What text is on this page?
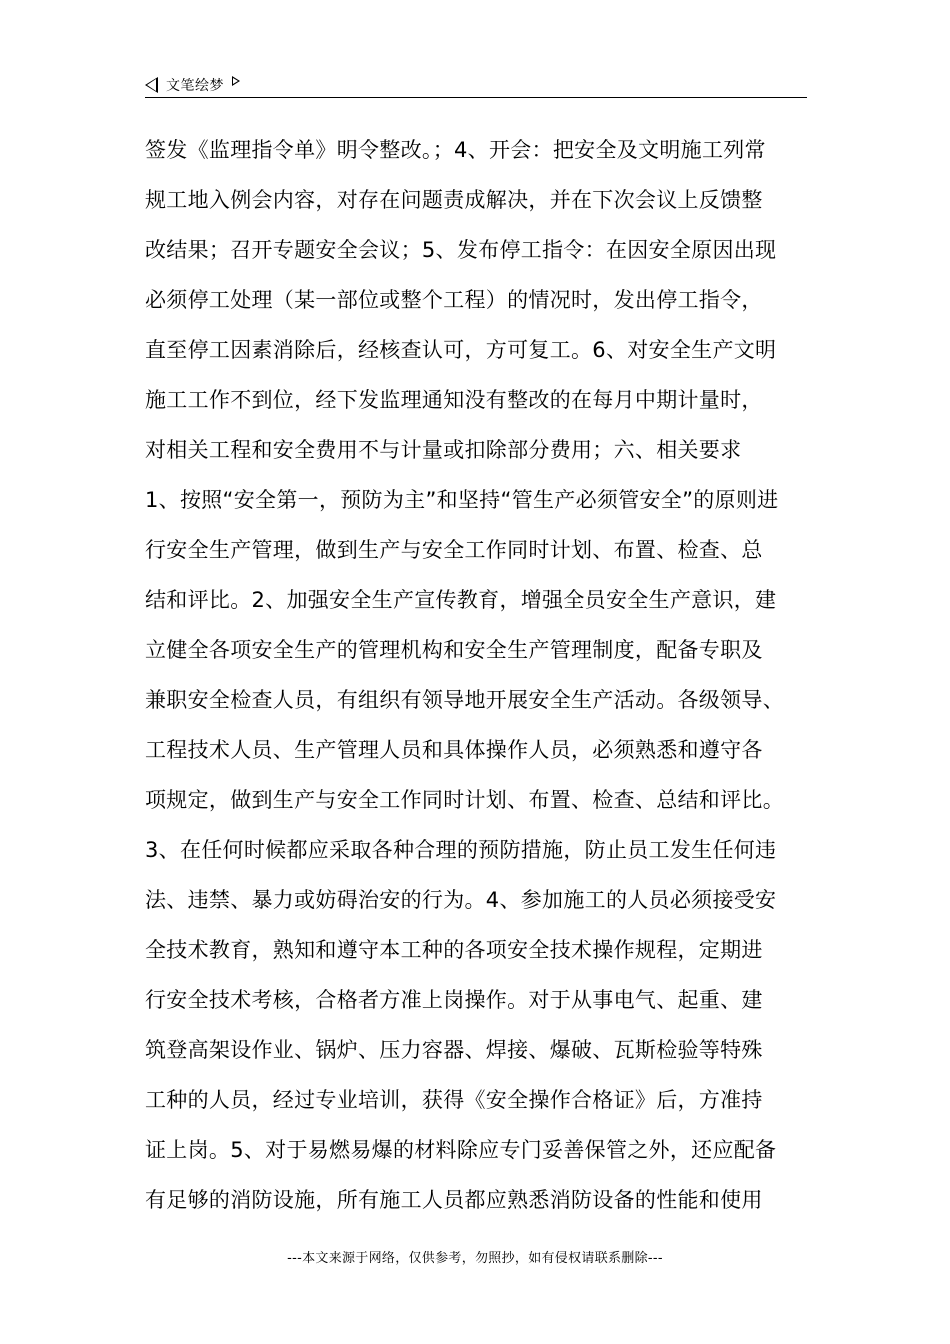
文笔绘梦
签发《监理指令单》明令整改。；4、开会：把安全及文明施工列常
规工地入例会内容，对存在问题责成解决，并在下次会议上反馈整
改结果；召开专题安全会议；5、发布停工指令：在因安全原因出现
必须停工处理（某一部位或整个工程）的情况时，发出停工指令，
直至停工因素消除后，经核查认可，方可复工。6、对安全生产文明
施工工作不到位，经下发监理通知没有整改的在每月中期计量时，
对相关工程和安全费用不与计量或扣除部分费用；六、相关要求
1、按照“安全第一，预防为主”和坚持“管生产必须管安全”的原则进
行安全生产管理，做到生产与安全工作同时计划、布置、检查、总
结和评比。2、加强安全生产宣传教育，增强全员安全生产意识，建
立健全各项安全生产的管理机构和安全生产管理制度，配备专职及
兼职安全检查人员，有组织有领导地开展安全生产活动。各级领导、
工程技术人员、生产管理人员和具体操作人员，必须熟悉和遵守各
项规定，做到生产与安全工作同时计划、布置、检查、总结和评比。
3、在任何时候都应采取各种合理的预防措施，防止员工发生任何违
法、违禁、暴力或妨碍治安的行为。4、参加施工的人员必须接受安
全技术教育，熟知和遵守本工种的各项安全技术操作规程，定期进
行安全技术考核，合格者方准上岗操作。对于从事电气、起重、建
筑登高架设作业、锅炉、压力容器、焊接、爆破、瓦斯检验等特殊
工种的人员，经过专业培训，获得《安全操作合格证》后，方准持
证上岗。5、对于易燃易爆的材料除应专门妥善保管之外，还应配备
有足够的消防设施，所有施工人员都应熟悉消防设备的性能和使用
---本文来源于网络，仅供参考，勿照抄，如有侵权请联系删除---
